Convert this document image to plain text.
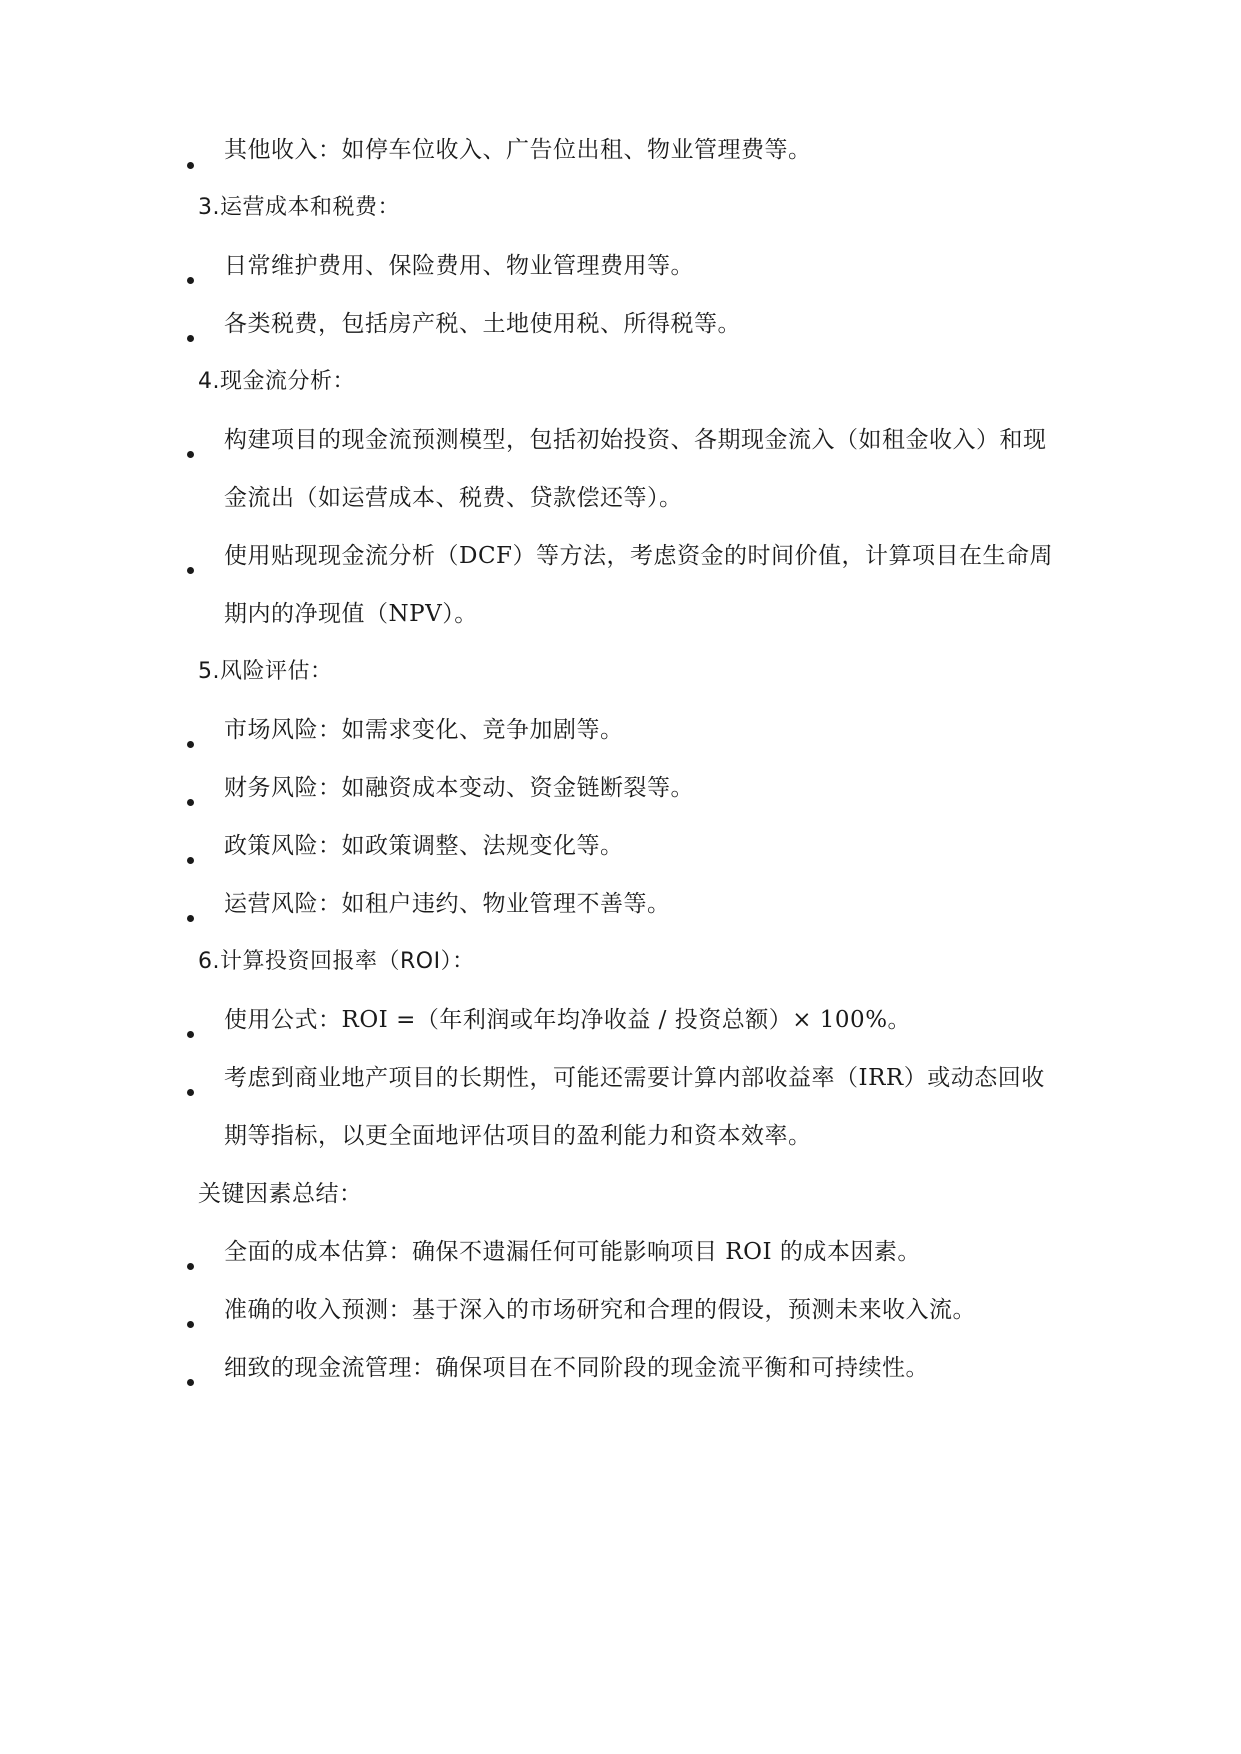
其他收入：如停车位收入、广告位出租、物业管理费等。
3.运营成本和税费：
日常维护费用、保险费用、物业管理费用等。
各类税费，包括房产税、土地使用税、所得税等。
4.现金流分析：
构建项目的现金流预测模型，包括初始投资、各期现金流入（如租金收入）和现
金流出（如运营成本、税费、贷款偿还等）。
使用贴现现金流分析（DCF）等方法，考虑资金的时间价值，计算项目在生命周
期内的净现值（NPV）。
5.风险评估：
市场风险：如需求变化、竞争加剧等。
财务风险：如融资成本变动、资金链断裂等。
政策风险：如政策调整、法规变化等。
运营风险：如租户违约、物业管理不善等。
6.计算投资回报率（ROI）：
使用公式：ROI =（年利润或年均净收益 / 投资总额）× 100%。
考虑到商业地产项目的长期性，可能还需要计算内部收益率（IRR）或动态回收
期等指标，以更全面地评估项目的盈利能力和资本效率。
关键因素总结：
全面的成本估算：确保不遗漏任何可能影响项目 ROI 的成本因素。
准确的收入预测：基于深入的市场研究和合理的假设，预测未来收入流。
细致的现金流管理：确保项目在不同阶段的现金流平衡和可持续性。
